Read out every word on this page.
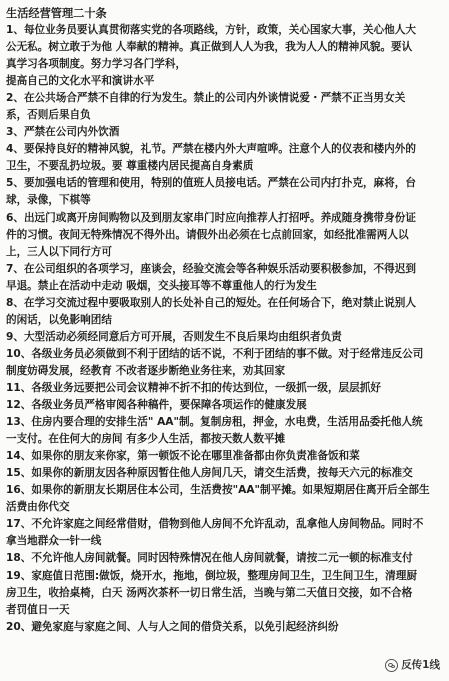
生活经营管理二十条

1、每位业务员要认真贯彻落实党的各项路线，方针，政策，关心国家大事，关心他人大
公无私。树立敢于为他 人奉献的精神。真正做到人人为我，我为人人的精神风貌。要认
真学习各项制度。努力学习各门学科，
提高自己的文化水平和演讲水平

2、在公共场合严禁不自律的行为发生。禁止的公司内外谈情说爱・严禁不正当男女关
系，否则后果自负

3、严禁在公司内外饮酒

4、要保持良好的精神风貌，礼节。严禁在楼内外大声喧哗。注意个人的仪表和楼内外的
卫生，不要乱扔垃圾。要 尊重楼内居民提高自身素质

5、要加强电话的管理和使用，特别的值班人员接电话。严禁在公司内打扑克，麻将，台
球，录像，下棋等

6、出远门或离开房间购物以及到朋友家串门时应向推荐人打招呼。养成随身携带身份证
件的习惯。夜间无特殊情况不得外出。请假外出必须在七点前回家，如经批准需两人以
上，三人以下同行方可

7、在公司组织的各项学习，座谈会，经验交流会等各种娱乐活动要积极参加，不得迟到
早退。禁止在活动中走动 吸烟，交头接耳等不尊重他人的行为发生

8、在学习交流过程中要吸取别人的长处补自己的短处。在任何场合下，绝对禁止说别人
的闲话，以免影响团结

9、大型活动必须经同意后方可开展，否则发生不良后果均由组织者负责

10、各级业务员必须做到不利于团结的话不说，不利于团结的事不做。对于经常违反公司
制度妨碍发展，经教育 不改者逐步断绝业务往来，劝其回家

11、各级业务远要把公司会议精神不折不扣的传达到位，一级抓一级，层层抓好

12、各级业务员严格审阅各种稿件，要保障各项运作的健康发展

13、住房内要合理的安排生活" AA"制。复制房租，押金，水电费，生活用品委托他人统
一支付。在住何大的房间 有多少人生活，都按天数人数平摊

14、如果你的朋友来你家，第一顿饭不论在哪里准备都由你负责准备饭和菜

15、如果你的新朋友因各种原因暂住他人房间几天，请交生活费，按每天六元的标准交

16、如果你的新朋友长期居住本公司，生活费按"AA"制平摊。如果短期居住离开后全部生
活费由你代交

17、不允许家庭之间经常借财，借物到他人房间不允许乱动，乱拿他人房间物品。同时不
拿当地群众一针一线

18、不允许他人房间就餐。同时因特殊情况在他人房间就餐，请按二元一顿的标准支付

19、家庭值日范围:做饭，烧开水，拖地，倒垃圾，整理房间卫生，卫生间卫生，清理厨
房卫生，收拾桌椅，白天 汤两次茶杯一切日常生活，当晚与第二天值日交接，如不合格
者罚值日一天

20、避免家庭与家庭之间、人与人之间的借贷关系，以免引起经济纠纷

反传1线
